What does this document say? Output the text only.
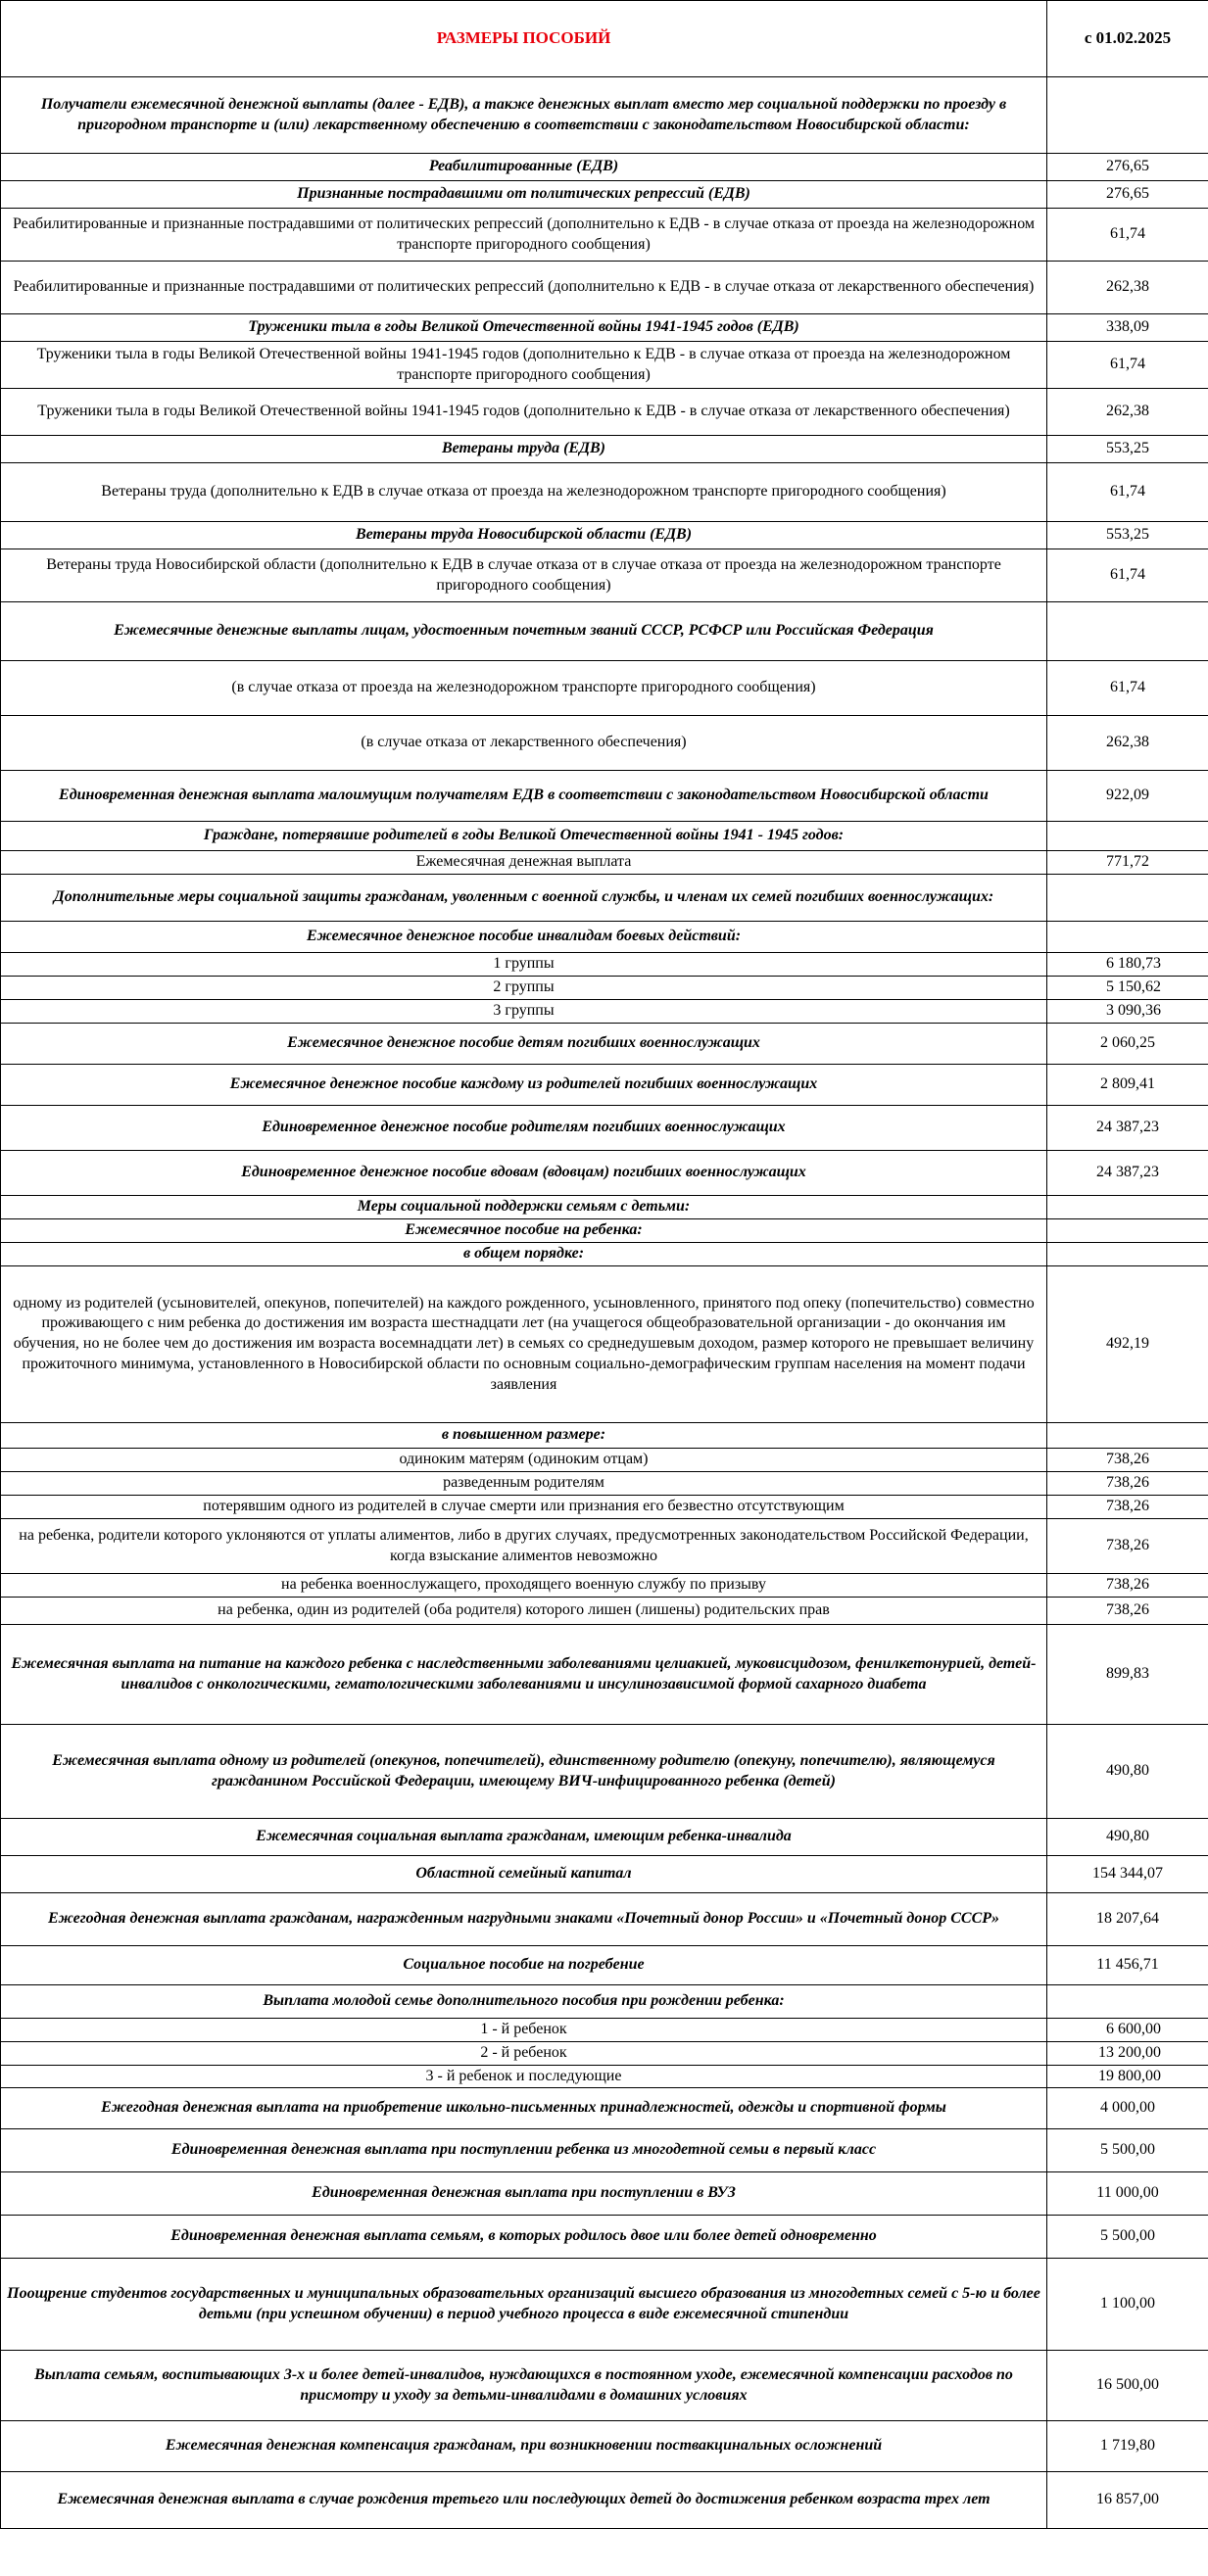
РАЗМЕРЫ ПОСОБИЙ	с 01.02.2025
Получатели ежемесячной денежной выплаты (далее - ЕДВ), а также денежных выплат вместо мер социальной поддержки по проезду в пригородном транспорте и (или) лекарственному обеспечению в соответствии с законодательством Новосибирской области:	
Реабилитированные (ЕДВ)	276,65
Признанные пострадавшими от политических репрессий (ЕДВ)	276,65
Реабилитированные и признанные пострадавшими от политических репрессий (дополнительно к ЕДВ - в случае отказа от проезда на железнодорожном транспорте пригородного сообщения)	61,74
Реабилитированные и признанные пострадавшими от политических репрессий (дополнительно к ЕДВ - в случае отказа от лекарственного обеспечения)	262,38
Труженики тыла в годы Великой Отечественной войны 1941-1945 годов (ЕДВ)	338,09
Труженики тыла в годы Великой Отечественной войны 1941-1945 годов (дополнительно к ЕДВ - в случае отказа от проезда на железнодорожном транспорте пригородного сообщения)	61,74
Труженики тыла в годы Великой Отечественной войны 1941-1945 годов (дополнительно к ЕДВ - в случае отказа от лекарственного обеспечения)	262,38
Ветераны труда (ЕДВ)	553,25
Ветераны труда (дополнительно к ЕДВ в случае отказа от проезда на железнодорожном транспорте пригородного сообщения)	61,74
Ветераны труда Новосибирской области (ЕДВ)	553,25
Ветераны труда Новосибирской области (дополнительно к ЕДВ в случае отказа от в случае отказа от проезда на железнодорожном транспорте пригородного сообщения)	61,74
Ежемесячные денежные выплаты лицам, удостоенным почетным званий СССР, РСФСР или Российская Федерация	
(в случае отказа от проезда на железнодорожном транспорте пригородного сообщения)	61,74
(в случае отказа от лекарственного обеспечения)	262,38
Единовременная денежная выплата малоимущим получателям ЕДВ в соответствии с законодательством Новосибирской области	922,09
Граждане, потерявшие родителей в годы Великой Отечественной войны 1941 - 1945 годов:	
Ежемесячная денежная выплата	771,72
Дополнительные меры социальной защиты гражданам, уволенным с военной службы, и членам их семей погибших военнослужащих:	
Ежемесячное денежное пособие инвалидам боевых действий:	
1 группы	6 180,73
2 группы	5 150,62
3 группы	3 090,36
Ежемесячное денежное пособие детям погибших военнослужащих	2 060,25
Ежемесячное денежное пособие каждому из родителей погибших военнослужащих	2 809,41
Единовременное денежное пособие родителям погибших военнослужащих	24 387,23
Единовременное денежное пособие вдовам (вдовцам) погибших военнослужащих	24 387,23
Меры социальной поддержки семьям с детьми:	
Ежемесячное пособие на ребенка:	
в общем порядке:	
одному из родителей (усыновителей, опекунов, попечителей) на каждого рожденного, усыновленного, принятого под опеку (попечительство) совместно проживающего с ним ребенка до достижения им возраста шестнадцати лет (на учащегося общеобразовательной организации - до окончания им обучения, но не более чем до достижения им возраста восемнадцати лет) в семьях со среднедушевым доходом, размер которого не превышает величину прожиточного минимума, установленного в Новосибирской области по основным социально-демографическим группам населения на момент подачи заявления	492,19
в повышенном размере:	
одиноким матерям (одиноким отцам)	738,26
разведенным родителям	738,26
потерявшим одного из родителей в случае смерти или признания его безвестно отсутствующим	738,26
на ребенка, родители которого уклоняются от уплаты алиментов, либо в других случаях, предусмотренных законодательством Российской Федерации, когда взыскание алиментов невозможно	738,26
на ребенка военнослужащего, проходящего военную службу по призыву	738,26
на ребенка, один из родителей (оба родителя) которого лишен (лишены) родительских прав	738,26
Ежемесячная выплата на питание на каждого ребенка с наследственными заболеваниями целиакией, муковисцидозом, фенилкетонурией, детей-инвалидов с онкологическими, гематологическими заболеваниями и инсулинозависимой формой сахарного диабета	899,83
Ежемесячная выплата одному из родителей (опекунов, попечителей), единственному родителю (опекуну, попечителю), являющемуся гражданином Российской Федерации, имеющему ВИЧ-инфицированного ребенка (детей)	490,80
Ежемесячная социальная выплата гражданам, имеющим ребенка-инвалида	490,80
Областной семейный капитал	154 344,07
Ежегодная денежная выплата гражданам, награжденным нагрудными знаками «Почетный донор России» и «Почетный донор СССР»	18 207,64
Социальное пособие на погребение	11 456,71
Выплата молодой семье дополнительного пособия при рождении ребенка:	
1 - й ребенок	6 600,00
2 - й ребенок	13 200,00
3 - й ребенок и последующие	19 800,00
Ежегодная денежная выплата на приобретение школьно-письменных принадлежностей, одежды и спортивной формы	4 000,00
Единовременная денежная выплата при поступлении ребенка из многодетной семьи в первый класс	5 500,00
Единовременная денежная выплата при поступлении в ВУЗ	11 000,00
Единовременная денежная выплата семьям, в которых родилось двое или более детей одновременно	5 500,00
Поощрение студентов государственных и муниципальных образовательных организаций высшего образования из многодетных семей с 5-ю и более детьми (при успешном обучении) в период учебного процесса в виде ежемесячной стипендии	1 100,00
Выплата семьям, воспитывающих 3-х и более детей-инвалидов, нуждающихся в постоянном уходе, ежемесячной компенсации расходов по присмотру и уходу за детьми-инвалидами в домашних условиях	16 500,00
Ежемесячная денежная компенсация гражданам, при возникновении поствакцинальных осложнений	1 719,80
Ежемесячная денежная выплата в случае рождения третьего или последующих детей до достижения ребенком возраста трех лет	16 857,00
